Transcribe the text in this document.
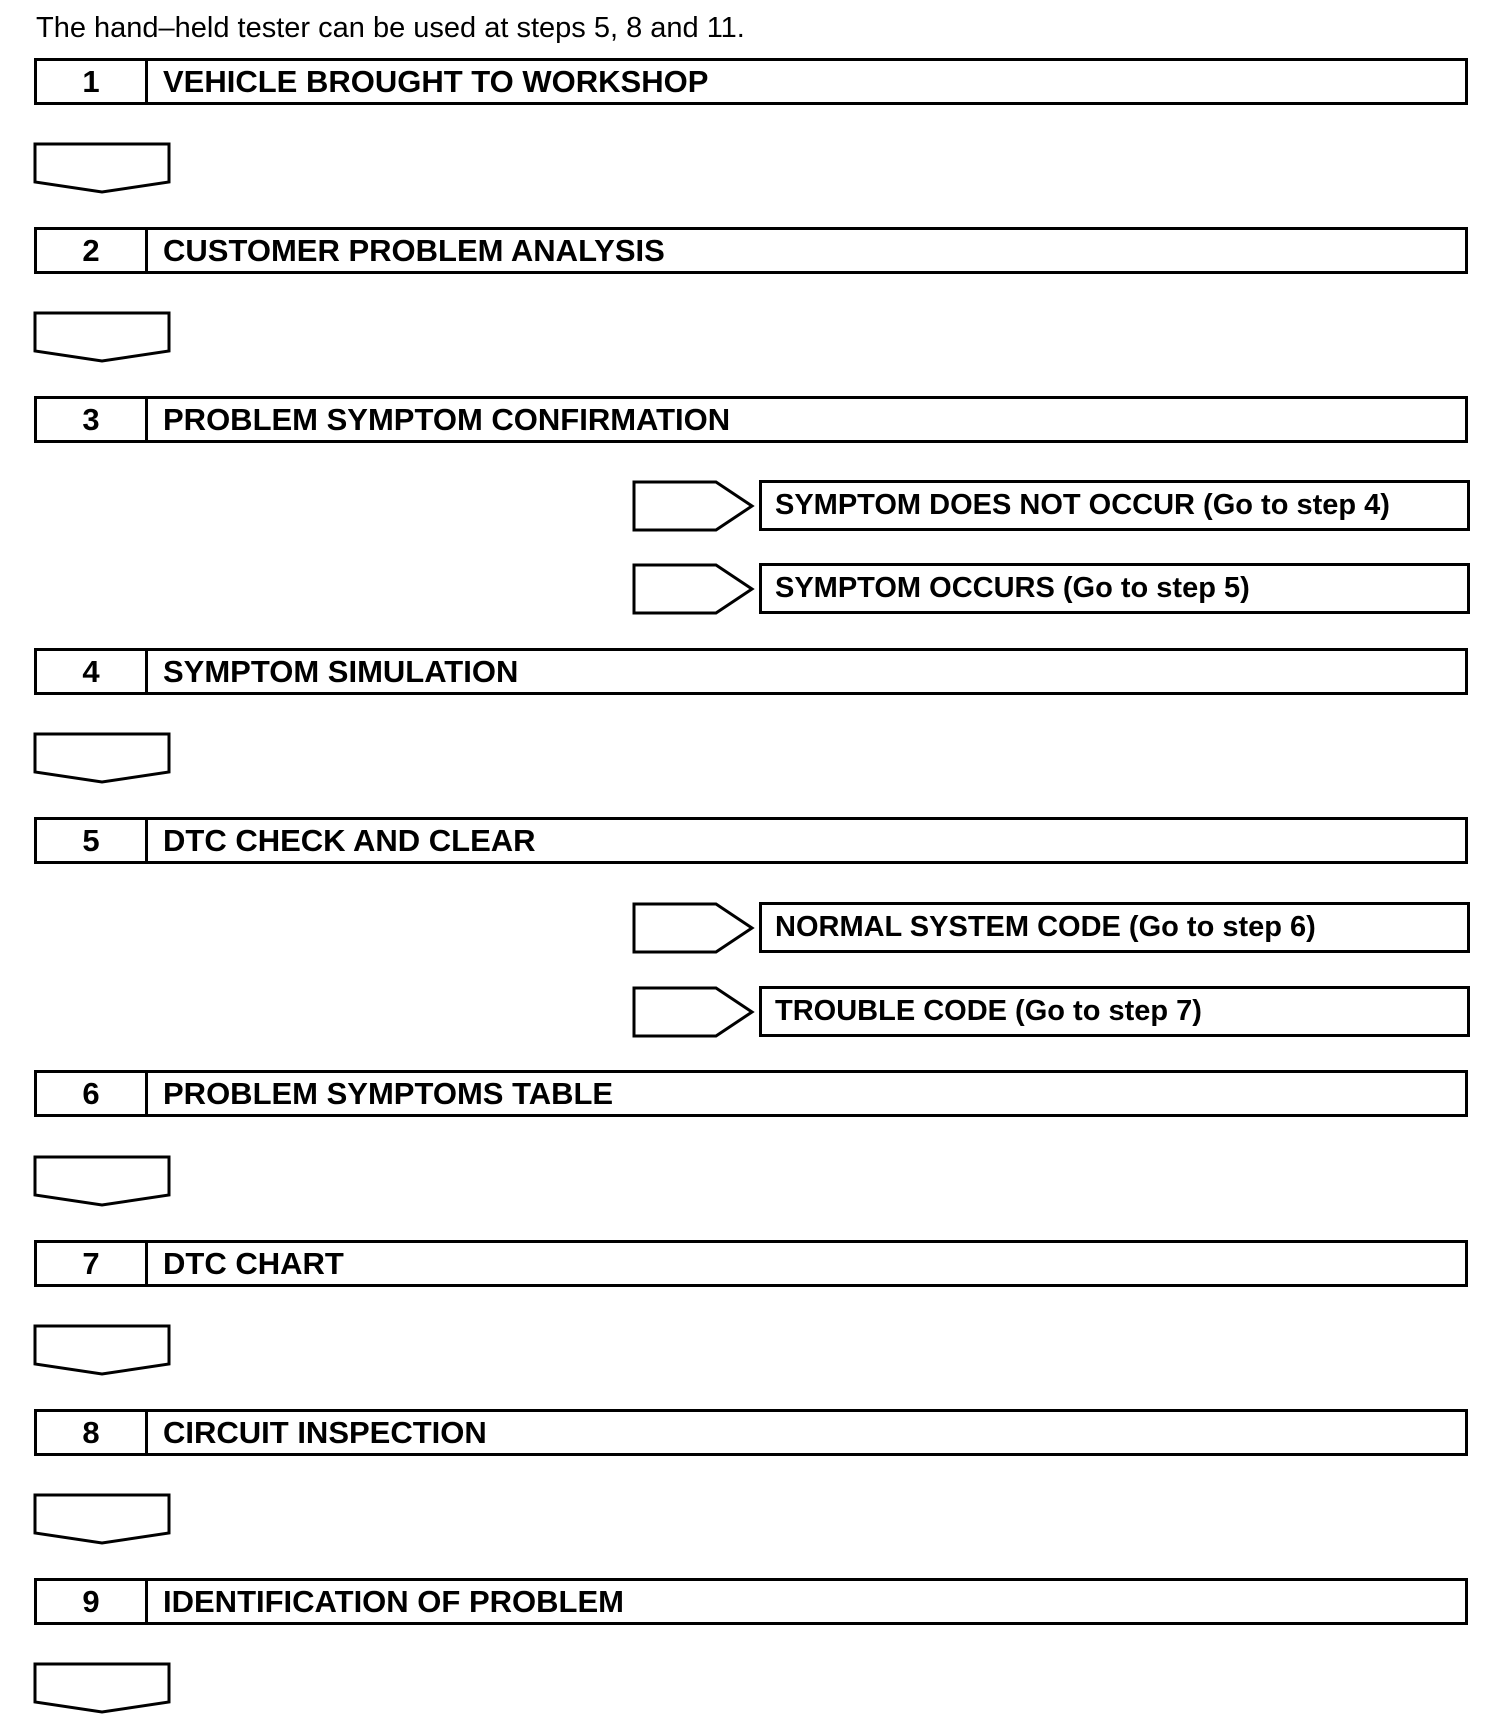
The hand–held tester can be used at steps 5, 8 and 11.
1	VEHICLE BROUGHT TO WORKSHOP
2	CUSTOMER PROBLEM ANALYSIS
3	PROBLEM SYMPTOM CONFIRMATION
SYMPTOM DOES NOT OCCUR (Go to step 4)
SYMPTOM OCCURS (Go to step 5)
4	SYMPTOM SIMULATION
5	DTC CHECK AND CLEAR
NORMAL SYSTEM CODE (Go to step 6)
TROUBLE CODE (Go to step 7)
6	PROBLEM SYMPTOMS TABLE
7	DTC CHART
8	CIRCUIT INSPECTION
9	IDENTIFICATION OF PROBLEM
